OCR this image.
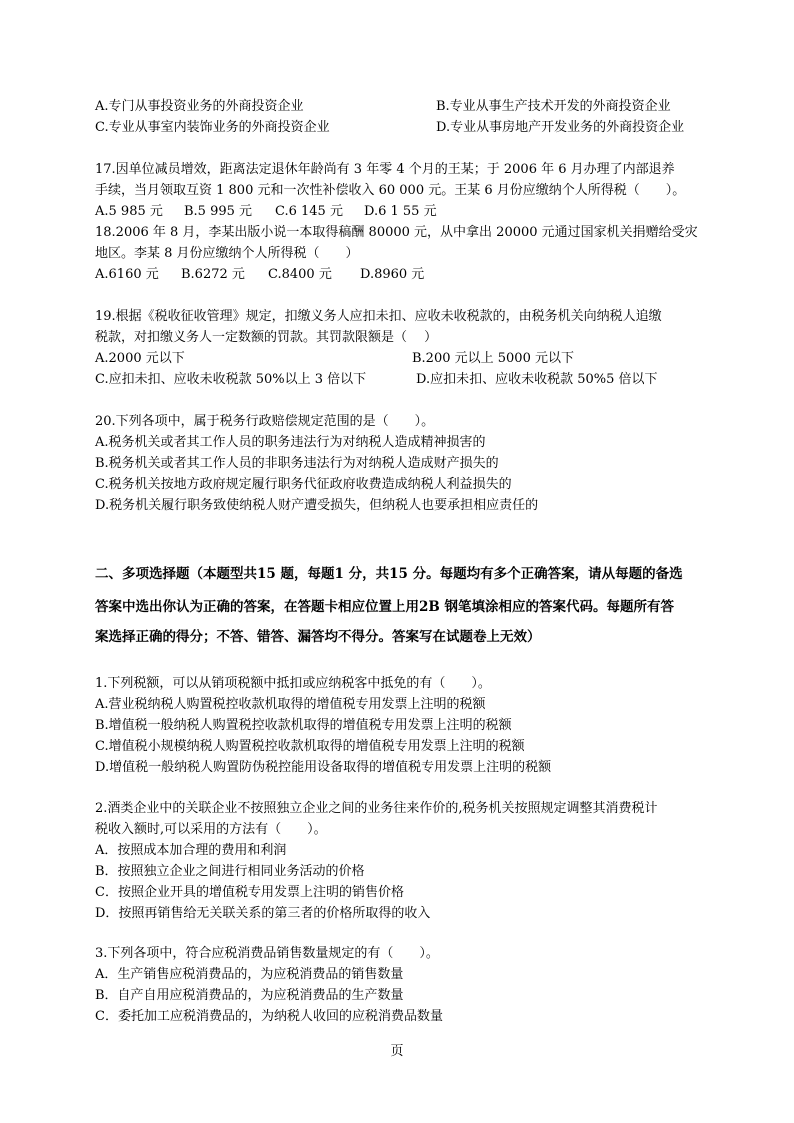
A.专门从事投资业务的外商投资企业	B.专业从事生产技术开发的外商投资企业
C.专业从事室内装饰业务的外商投资企业	D.专业从事房地产开发业务的外商投资企业
17.因单位减员增效，距离法定退休年龄尚有 3 年零 4 个月的王某；于 2006 年 6 月办理了内部退养
手续，当月领取互资 1 800 元和一次性补偿收入 60 000 元。王某 6 月份应缴纳个人所得税（　　）。
A.5 985 元 B.5 995 元 C.6 145 元 D.6 1 55 元
18.2006 年 8 月，李某出版小说一本取得稿酬 80000 元，从中拿出 20000 元通过国家机关捐赠给受灾
地区。李某 8 月份应缴纳个人所得税（　　）
A.6160 元 B.6272 元 C.8400 元 D.8960 元
19.根据《税收征收管理》规定，扣缴义务人应扣未扣、应收未收税款的，由税务机关向纳税人追缴
税款，对扣缴义务人一定数额的罚款。其罚款限额是（　 ）
A.2000 元以下	B.200 元以上 5000 元以下
C.应扣未扣、应收未收税款 50%以上 3 倍以下	D.应扣未扣、应收未收税款 50%5 倍以下
20.下列各项中，属于税务行政赔偿规定范围的是（　　）。
A.税务机关或者其工作人员的职务违法行为对纳税人造成精神损害的
B.税务机关或者其工作人员的非职务违法行为对纳税人造成财产损失的
C.税务机关按地方政府规定履行职务代征政府收费造成纳税人利益损失的
D.税务机关履行职务致使纳税人财产遭受损失，但纳税人也要承担相应责任的
二、多项选择题（本题型共15 题，每题1 分，共15 分。每题均有多个正确答案，请从每题的备选
答案中选出你认为正确的答案，在答题卡相应位置上用2B 钢笔填涂相应的答案代码。每题所有答
案选择正确的得分；不答、错答、漏答均不得分。答案写在试题卷上无效）
1.下列税额，可以从销项税额中抵扣或应纳税客中抵免的有（　　）。
A.营业税纳税人购置税控收款机取得的增值税专用发票上注明的税额
B.增值税一般纳税人购置税控收款机取得的增值税专用发票上注明的税额
C.增值税小规模纳税人购置税控收款机取得的增值税专用发票上注明的税额
D.增值税一般纳税人购置防伪税控能用设备取得的增值税专用发票上注明的税额
2.酒类企业中的关联企业不按照独立企业之间的业务往来作价的,税务机关按照规定调整其消费税计
税收入额时,可以采用的方法有（　　）。
A．按照成本加合理的费用和利润
B．按照独立企业之间进行相同业务活动的价格
C．按照企业开具的增值税专用发票上注明的销售价格
D．按照再销售给无关联关系的第三者的价格所取得的收入
3.下列各项中，符合应税消费品销售数量规定的有（　　）。
A．生产销售应税消费品的，为应税消费品的销售数量
B．自产自用应税消费品的，为应税消费品的生产数量
C．委托加工应税消费品的，为纳税人收回的应税消费品数量
页
